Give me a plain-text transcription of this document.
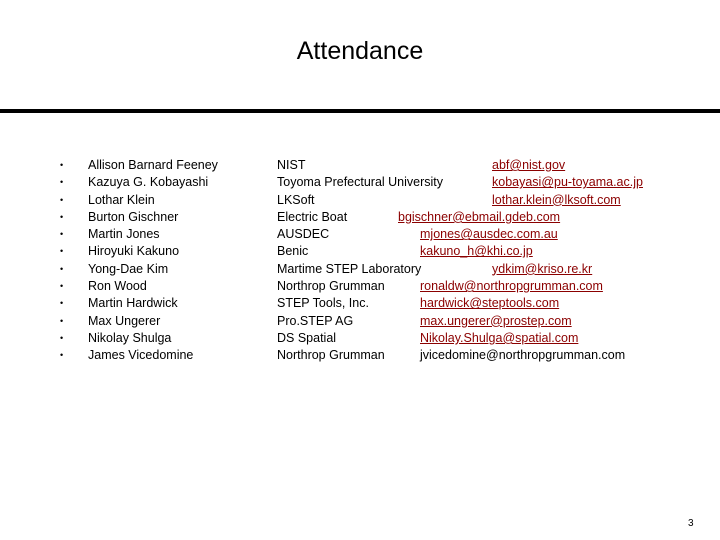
Attendance
• Allison Barnard Feeney	NIST	abf@nist.gov
• Kazuya G. Kobayashi	Toyoma Prefectural University	kobayasi@pu-toyama.ac.jp
• Lothar Klein	LKSoft	lothar.klein@lksoft.com
• Burton Gischner	Electric Boat	bgischner@ebmail.gdeb.com
• Martin Jones	AUSDEC	mjones@ausdec.com.au
• Hiroyuki Kakuno	Benic	kakuno_h@khi.co.jp
• Yong-Dae Kim	Martime STEP Laboratory	ydkim@kriso.re.kr
• Ron Wood	Northrop Grumman	ronaldw@northropgrumman.com
• Martin Hardwick	STEP Tools, Inc.	hardwick@steptools.com
• Max Ungerer	Pro.STEP AG	max.ungerer@prostep.com
• Nikolay Shulga	DS Spatial	Nikolay.Shulga@spatial.com
• James Vicedomine	Northrop Grumman	jvicedomine@northropgrumman.com
3
